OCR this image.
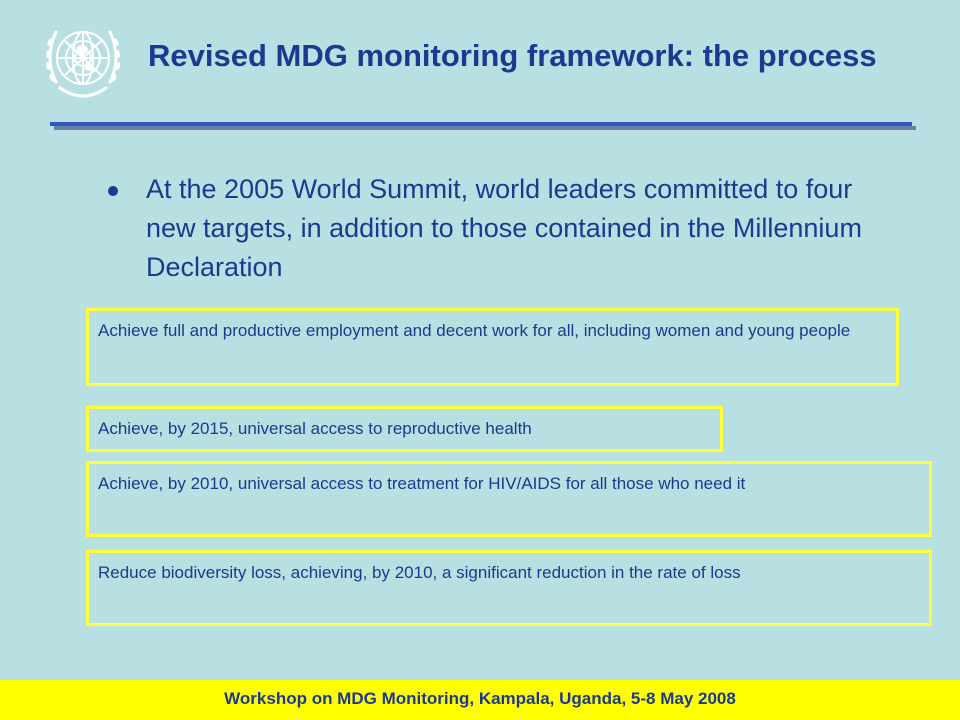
Revised MDG monitoring framework: the process

At the 2005 World Summit, world leaders committed to four new targets, in addition to those contained in the Millennium Declaration

Achieve full and productive employment and decent work for all, including women and young people
Achieve, by 2015, universal access to reproductive health
Achieve, by 2010, universal access to treatment for HIV/AIDS for all those who need it
Reduce biodiversity loss, achieving, by 2010, a significant reduction in the rate of loss
Workshop on MDG Monitoring, Kampala, Uganda, 5-8 May 2008
